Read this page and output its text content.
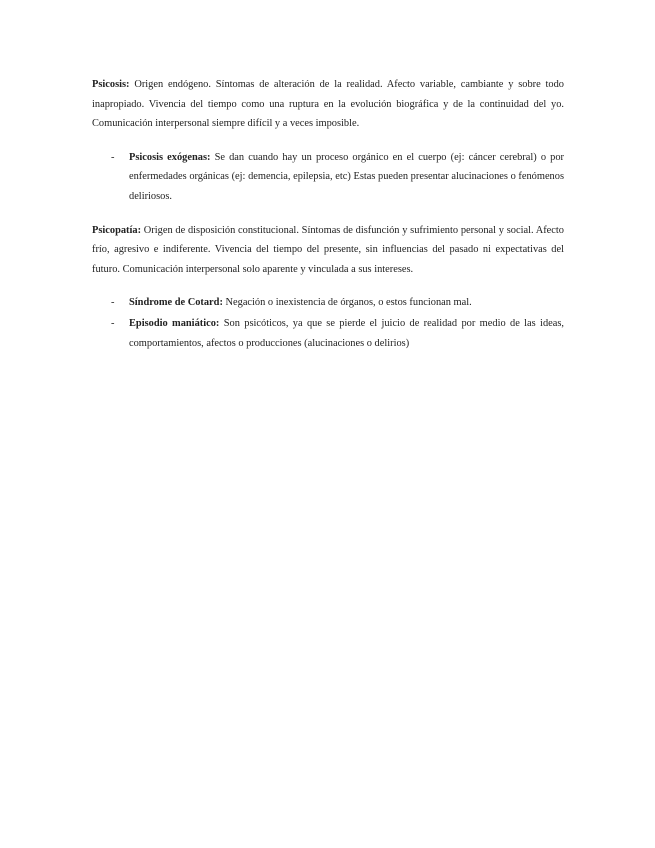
Psicosis: Origen endógeno. Síntomas de alteración de la realidad. Afecto variable, cambiante y sobre todo inapropiado. Vivencia del tiempo como una ruptura en la evolución biográfica y de la continuidad del yo. Comunicación interpersonal siempre difícil y a veces imposible.

- Psicosis exógenas: Se dan cuando hay un proceso orgánico en el cuerpo (ej: cáncer cerebral) o por enfermedades orgánicas (ej: demencia, epilepsia, etc) Estas pueden presentar alucinaciones o fenómenos deliriosos.

Psicopatía: Origen de disposición constitucional. Síntomas de disfunción y sufrimiento personal y social. Afecto frío, agresivo e indiferente. Vivencia del tiempo del presente, sin influencias del pasado ni expectativas del futuro. Comunicación interpersonal solo aparente y vinculada a sus intereses.

- Síndrome de Cotard: Negación o inexistencia de órganos, o estos funcionan mal.
- Episodio maniático: Son psicóticos, ya que se pierde el juicio de realidad por medio de las ideas, comportamientos, afectos o producciones (alucinaciones o delirios)
